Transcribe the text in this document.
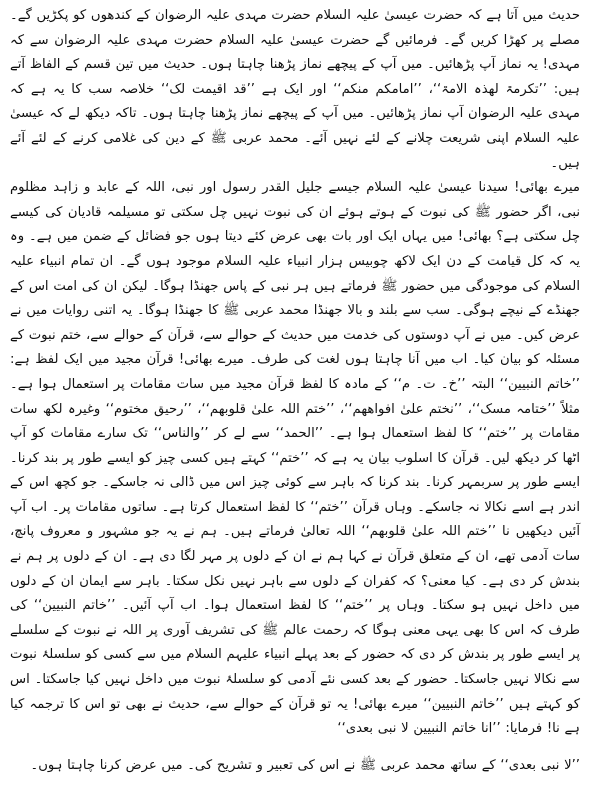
حدیث میں آتا ہے کہ حضرت عیسیٰ علیہ السلام حضرت مہدی علیہ الرضوان کے کندھوں کو پکڑیں گے۔ مصلے پر کھڑا کریں گے۔ فرمائیں گے حضرت عیسیٰ علیہ السلام حضرت مہدی علیہ الرضوان سے کہ مہدی! یہ نماز آپ پڑھائیں۔ میں آپ کے پیچھے نماز پڑھنا چاہتا ہوں۔ حدیث میں تین قسم کے الفاظ آتے ہیں: ’’تکرمۃ لھذہ الامۃ‘‘، ’’امامکم منکم‘‘ اور ایک ہے ’’قد اقیمت لک‘‘ خلاصہ سب کا یہ ہے کہ مہدی علیہ الرضوان آپ نماز پڑھائیں۔ میں آپ کے پیچھے نماز پڑھنا چاہتا ہوں۔ تاکہ دیکھ لے کہ عیسیٰ علیہ السلام اپنی شریعت چلانے کے لئے نہیں آئے۔ محمد عربی ﷺ کے دین کی غلامی کرنے کے لئے آئے ہیں۔

میرے بھائی! سیدنا عیسیٰ علیہ السلام جیسے جلیل القدر رسول اور نبی، اللہ کے عابد و زاہد مظلوم نبی، اگر حضور ﷺ کی نبوت کے ہوتے ہوئے ان کی نبوت نہیں چل سکتی تو مسیلمہ قادیان کی کیسے چل سکتی ہے؟ بھائی! میں یہاں ایک اور بات بھی عرض کئے دیتا ہوں جو فضائل کے ضمن میں ہے۔ وہ یہ کہ کل قیامت کے دن ایک لاکھ چوبیس ہزار انبیاء علیہ السلام موجود ہوں گے۔ ان تمام انبیاء علیہ السلام کی موجودگی میں حضور ﷺ فرماتے ہیں ہر نبی کے پاس جھنڈا ہوگا۔ لیکن ان کی امت اس کے جھنڈے کے نیچے ہوگی۔ سب سے بلند و بالا جھنڈا محمد عربی ﷺ کا جھنڈا ہوگا۔ یہ اتنی روایات میں نے عرض کیں۔ میں نے آپ دوستوں کی خدمت میں حدیث کے حوالے سے، قرآن کے حوالے سے، ختم نبوت کے مسئلہ کو بیان کیا۔ اب میں آنا چاہتا ہوں لغت کی طرف۔ میرے بھائی! قرآن مجید میں ایک لفظ ہے: ’’خاتم النبیین‘‘ البتہ ’’خ۔ ت۔ م‘‘ کے مادہ کا لفظ قرآن مجید میں سات مقامات پر استعمال ہوا ہے۔ مثلاً ’’ختامہ مسک‘‘، ’’نختم علیٰ افواھھم‘‘، ’’ختم اللہ علیٰ قلوبھم‘‘، ’’رحیق مختوم‘‘ وغیرہ لکھ سات مقامات پر ’’ختم‘‘ کا لفظ استعمال ہوا ہے۔ ’’الحمد‘‘ سے لے کر ’’والناس‘‘ تک سارے مقامات کو آپ اٹھا کر دیکھ لیں۔ قرآن کا اسلوب بیان یہ ہے کہ ’’ختم‘‘ کہتے ہیں کسی چیز کو ایسے طور پر بند کرنا۔ ایسے طور پر سربمہر کرنا۔ بند کرنا کہ باہر سے کوئی چیز اس میں ڈالی نہ جاسکے۔ جو کچھ اس کے اندر ہے اسے نکالا نہ جاسکے۔ وہاں قرآن ’’ختم‘‘ کا لفظ استعمال کرتا ہے۔ ساتوں مقامات پر۔ اب آپ آئیں دیکھیں نا ’’ختم اللہ علیٰ قلوبھم‘‘ اللہ تعالیٰ فرماتے ہیں۔ ہم نے یہ جو مشہور و معروف پانچ، سات آدمی تھے، ان کے متعلق قرآن نے کہا ہم نے ان کے دلوں پر مہر لگا دی ہے۔ ان کے دلوں پر ہم نے بندش کر دی ہے۔ کیا معنی؟ کہ کفران کے دلوں سے باہر نہیں نکل سکتا۔ باہر سے ایمان ان کے دلوں میں داخل نہیں ہو سکتا۔ وہاں پر ’’ختم‘‘ کا لفظ استعمال ہوا۔ اب آپ آئیں۔ ’’خاتم النبیین‘‘ کی طرف کہ اس کا بھی یہی معنی ہوگا کہ رحمت عالم ﷺ کی تشریف آوری پر اللہ نے نبوت کے سلسلے پر ایسے طور پر بندش کر دی کہ حضور کے بعد پہلے انبیاء علیہم السلام میں سے کسی کو سلسلۂ نبوت سے نکالا نہیں جاسکتا۔ حضور کے بعد کسی نئے آدمی کو سلسلۂ نبوت میں داخل نہیں کیا جاسکتا۔ اس کو کہتے ہیں ’’خاتم النبیین‘‘ میرے بھائی! یہ تو قرآن کے حوالے سے، حدیث نے بھی تو اس کا ترجمہ کیا ہے نا! فرمایا: ’’انا خاتم النبیین لا نبی بعدی‘‘

’’لا نبی بعدی‘‘ کے ساتھ محمد عربی ﷺ نے اس کی تعبیر و تشریح کی۔ میں عرض کرنا چاہتا ہوں۔
